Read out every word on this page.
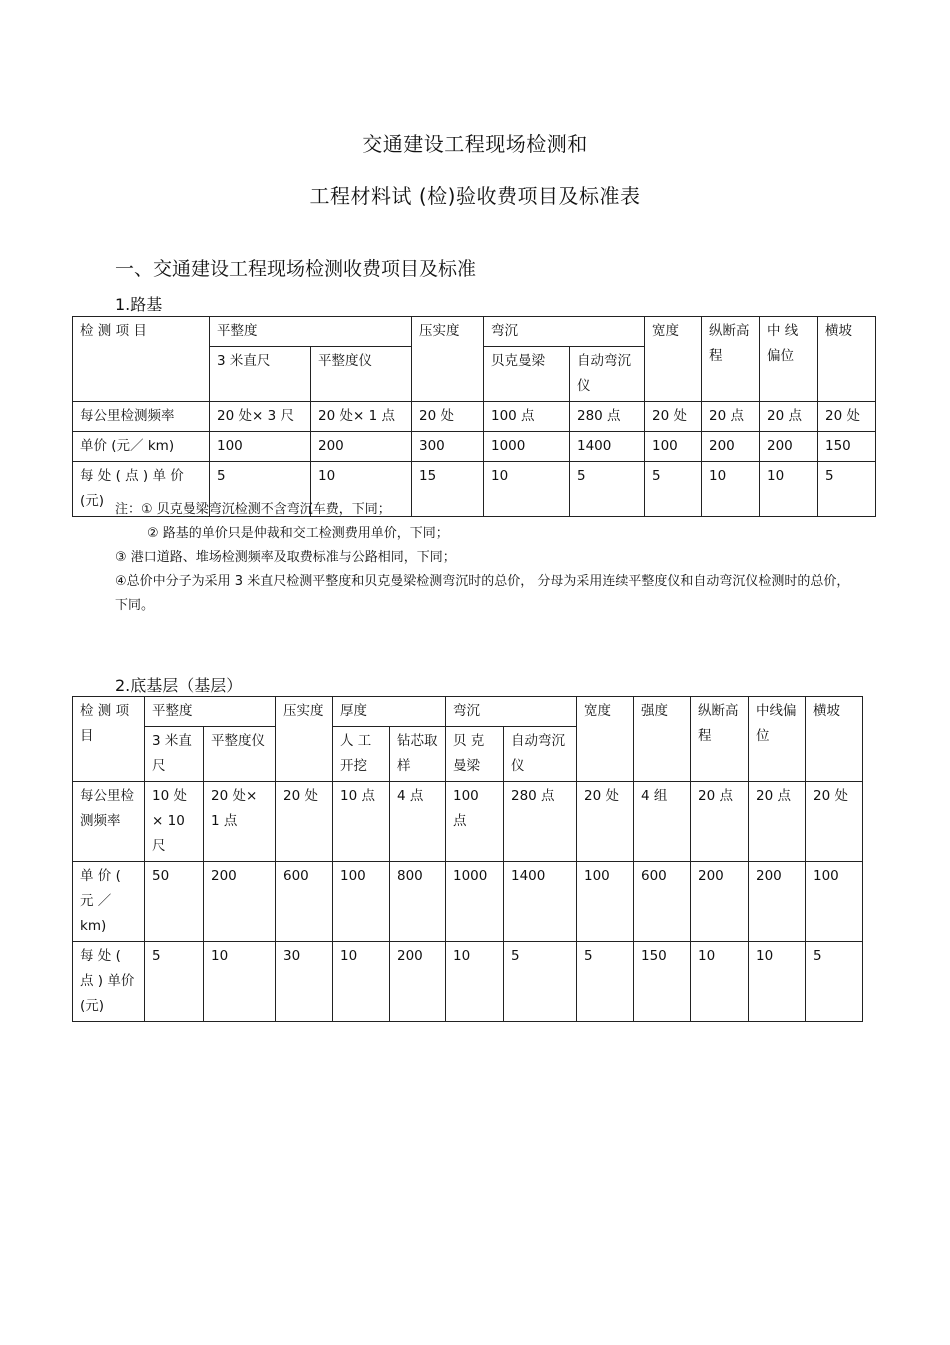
交通建设工程现场检测和
工程材料试 (检)验收费项目及标准表
一、交通建设工程现场检测收费项目及标准
1.路基
检 测 项 目	平整度		压实度	弯沉		宽度	纵断高程	中 线偏位	横坡
	3 米直尺	平整度仪		贝克曼梁	自动弯沉仪				
每公里检测频率	20 处× 3 尺	20 处× 1 点	20 处	100 点	280 点	20 处	20 点	20 点	20 处
单价 (元／ km)	100	200	300	1000	1400	100	200	200	150
每 处 ( 点 ) 单 价 (元)	5	10	15	10	5	5	10	10	5

注：① 贝克曼梁弯沉检测不含弯沉车费，下同；

② 路基的单价只是仲裁和交工检测费用单价，下同；

③ 港口道路、堆场检测频率及取费标准与公路相同，下同；

④总价中分子为采用 3 米直尺检测平整度和贝克曼梁检测弯沉时的总价， 分母为采用连续平整度仪和自动弯沉仪检测时的总价，下同。

2.底基层（基层）
检 测 项 目	平整度		压实度	厚度		弯沉		宽度	强度	纵断高程	中线偏位	横坡
	3 米直尺	平整度仪		人 工开挖	钻芯取样	贝 克曼梁	自动弯沉仪					
每公里检测频率	10 处× 10 尺	20 处× 1 点	20 处	10 点	4 点	100 点	280 点	20 处	4 组	20 点	20 点	20 处
单 价 ( 元 ／ km)	50	200	600	100	800	1000	1400	100	600	200	200	100
每 处 ( 点 ) 单价(元)	5	10	30	10	200	10	5	5	150	10	10	5
